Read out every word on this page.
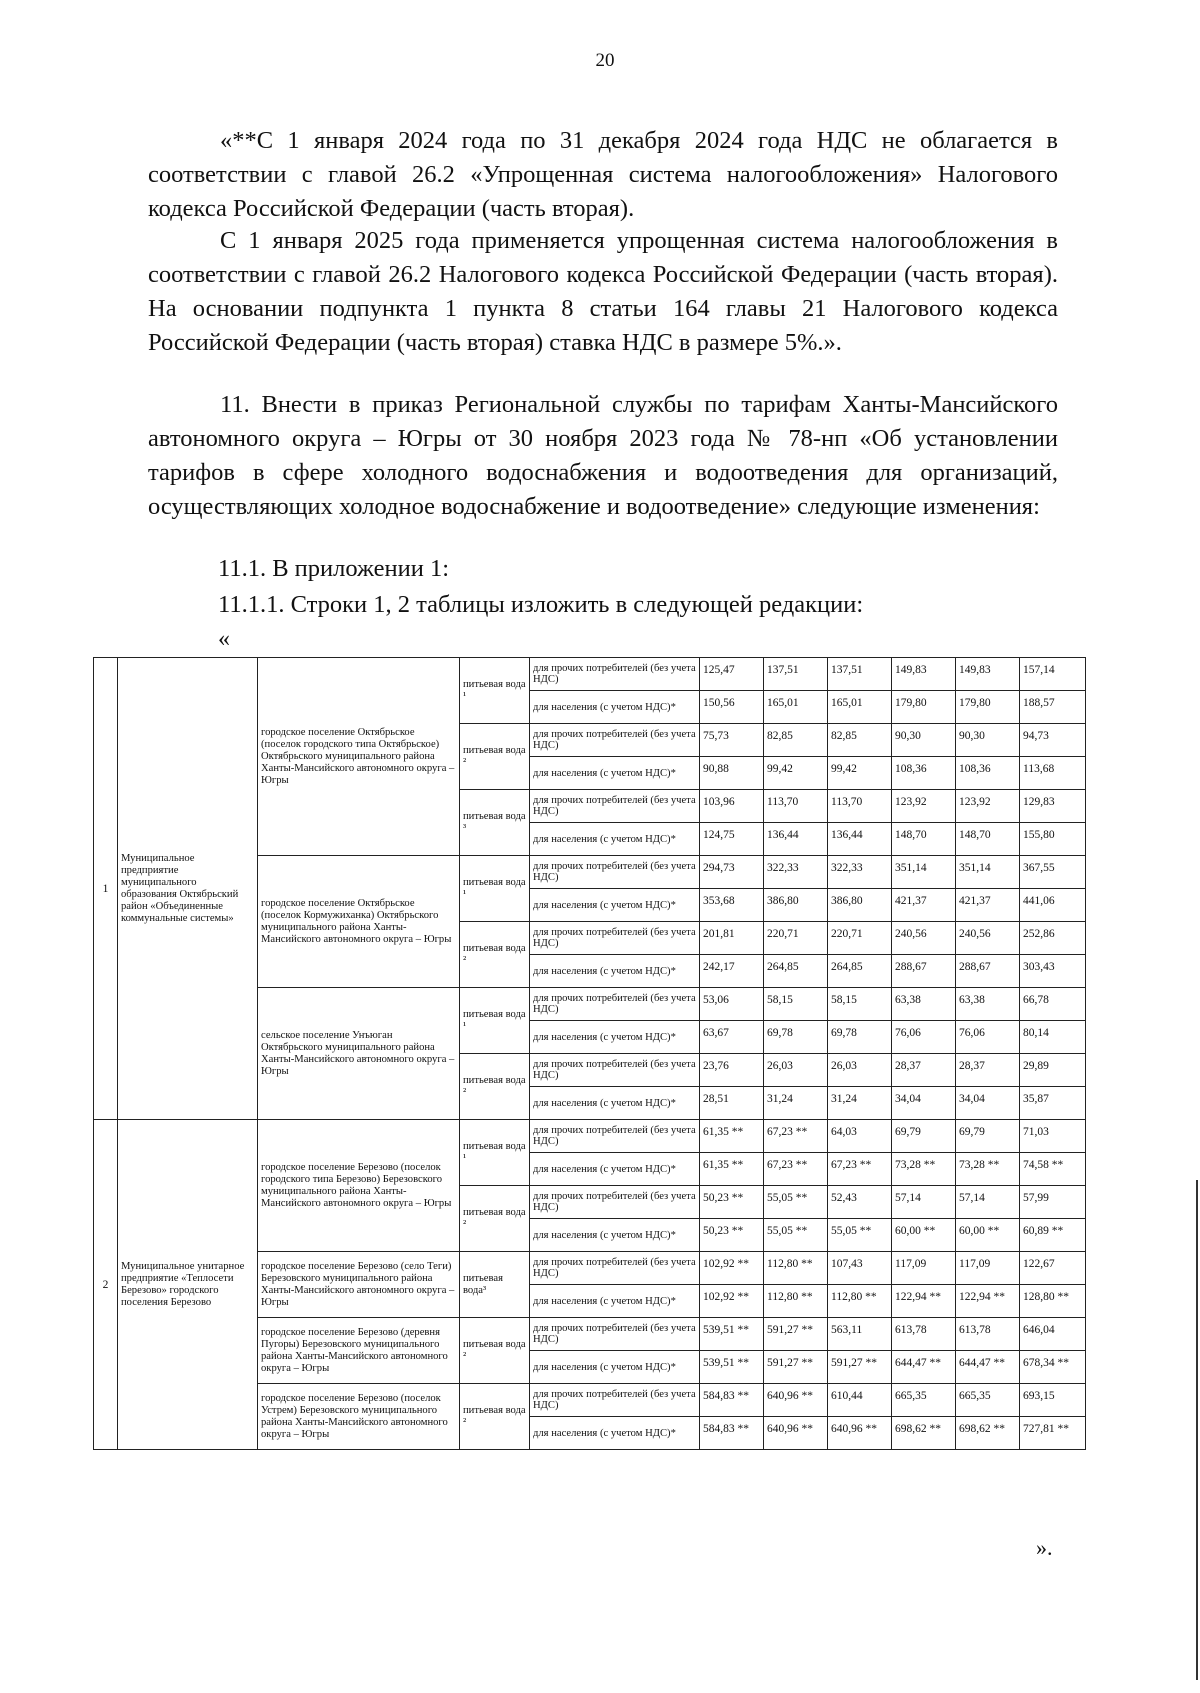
20

«**С 1 января 2024 года по 31 декабря 2024 года НДС не облагается в соответствии с главой 26.2 «Упрощенная система налогообложения» Налогового кодекса Российской Федерации (часть вторая).

С 1 января 2025 года применяется упрощенная система налогообложения в соответствии с главой 26.2 Налогового кодекса Российской Федерации (часть вторая). На основании подпункта 1 пункта 8 статьи 164 главы 21 Налогового кодекса Российской Федерации (часть вторая) ставка НДС в размере 5%.».

11. Внести в приказ Региональной службы по тарифам Ханты-Мансийского автономного округа – Югры от 30 ноября 2023 года № 78-нп «Об установлении тарифов в сфере холодного водоснабжения и водоотведения для организаций, осуществляющих холодное водоснабжение и водоотведение» следующие изменения:

11.1. В приложении 1:

11.1.1. Строки 1, 2 таблицы изложить в следующей редакции:

«
1	Муниципальное предприятие муниципального образования Октябрьский район «Объединенные коммунальные системы»	городское поселение Октябрьское (поселок городского типа Октябрьское) Октябрьского муниципального района Ханты-Мансийского автономного округа – Югры	питьевая вода ¹	для прочих потребителей (без учета НДС)	125,47	137,51	137,51	149,83	149,83	157,14
				для населения (с учетом НДС)*	150,56	165,01	165,01	179,80	179,80	188,57
			питьевая вода ²	для прочих потребителей (без учета НДС)	75,73	82,85	82,85	90,30	90,30	94,73
				для населения (с учетом НДС)*	90,88	99,42	99,42	108,36	108,36	113,68
			питьевая вода ³	для прочих потребителей (без учета НДС)	103,96	113,70	113,70	123,92	123,92	129,83
				для населения (с учетом НДС)*	124,75	136,44	136,44	148,70	148,70	155,80
		городское поселение Октябрьское (поселок Кормужиханка) Октябрьского муниципального района Ханты-Мансийского автономного округа – Югры	питьевая вода ¹	для прочих потребителей (без учета НДС)	294,73	322,33	322,33	351,14	351,14	367,55
				для населения (с учетом НДС)*	353,68	386,80	386,80	421,37	421,37	441,06
			питьевая вода ²	для прочих потребителей (без учета НДС)	201,81	220,71	220,71	240,56	240,56	252,86
				для населения (с учетом НДС)*	242,17	264,85	264,85	288,67	288,67	303,43
		сельское поселение Унъюган Октябрьского муниципального района Ханты-Мансийского автономного округа – Югры	питьевая вода ¹	для прочих потребителей (без учета НДС)	53,06	58,15	58,15	63,38	63,38	66,78
				для населения (с учетом НДС)*	63,67	69,78	69,78	76,06	76,06	80,14
			питьевая вода ²	для прочих потребителей (без учета НДС)	23,76	26,03	26,03	28,37	28,37	29,89
				для населения (с учетом НДС)*	28,51	31,24	31,24	34,04	34,04	35,87
2	Муниципальное унитарное предприятие «Теплосети Березово» городского поселения Березово	городское поселение Березово (поселок городского типа Березово) Березовского муниципального района Ханты-Мансийского автономного округа – Югры	питьевая вода ¹	для прочих потребителей (без учета НДС)	61,35 **	67,23 **	64,03	69,79	69,79	71,03
				для населения (с учетом НДС)*	61,35 **	67,23 **	67,23 **	73,28 **	73,28 **	74,58 **
			питьевая вода ²	для прочих потребителей (без учета НДС)	50,23 **	55,05 **	52,43	57,14	57,14	57,99
				для населения (с учетом НДС)*	50,23 **	55,05 **	55,05 **	60,00 **	60,00 **	60,89 **
		городское поселение Березово (село Теги) Березовского муниципального района Ханты-Мансийского автономного округа – Югры	питьевая вода³	для прочих потребителей (без учета НДС)	102,92 **	112,80 **	107,43	117,09	117,09	122,67
				для населения (с учетом НДС)*	102,92 **	112,80 **	112,80 **	122,94 **	122,94 **	128,80 **
		городское поселение Березово (деревня Пугоры) Березовского муниципального района Ханты-Мансийского автономного округа – Югры	питьевая вода ²	для прочих потребителей (без учета НДС)	539,51 **	591,27 **	563,11	613,78	613,78	646,04
				для населения (с учетом НДС)*	539,51 **	591,27 **	591,27 **	644,47 **	644,47 **	678,34 **
		городское поселение Березово (поселок Устрем) Березовского муниципального района Ханты-Мансийского автономного округа – Югры	питьевая вода ²	для прочих потребителей (без учета НДС)	584,83 **	640,96 **	610,44	665,35	665,35	693,15
				для населения (с учетом НДС)*	584,83 **	640,96 **	640,96 **	698,62 **	698,62 **	727,81 **
».
